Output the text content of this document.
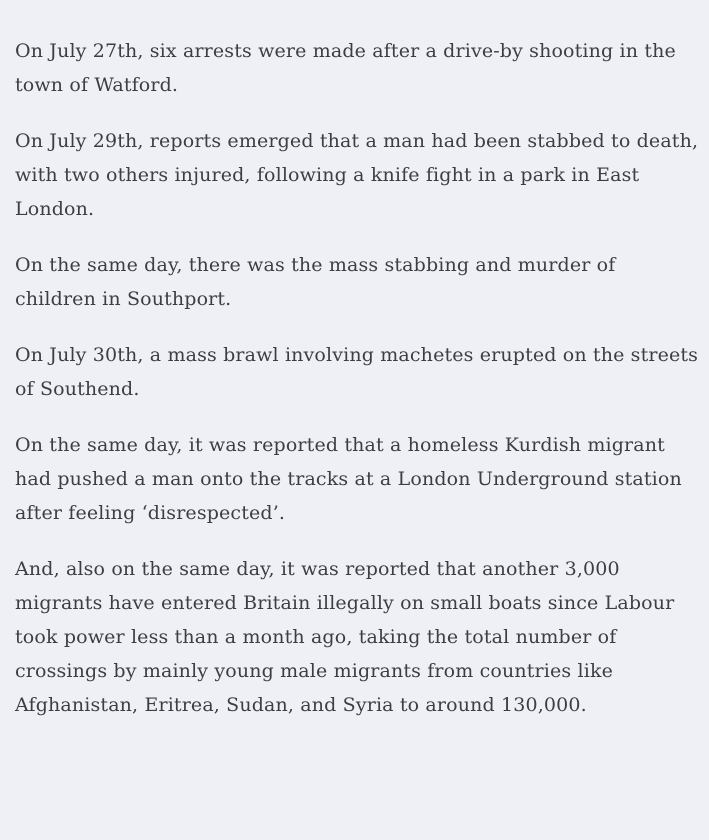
On July 27th, six arrests were made after a drive-by shooting in the town of Watford.

On July 29th, reports emerged that a man had been stabbed to death, with two others injured, following a knife fight in a park in East London.

On the same day, there was the mass stabbing and murder of children in Southport.

On July 30th, a mass brawl involving machetes erupted on the streets of Southend.

On the same day, it was reported that a homeless Kurdish migrant had pushed a man onto the tracks at a London Underground station after feeling ‘disrespected’.

And, also on the same day, it was reported that another 3,000 migrants have entered Britain illegally on small boats since Labour took power less than a month ago, taking the total number of crossings by mainly young male migrants from countries like Afghanistan, Eritrea, Sudan, and Syria to around 130,000.
